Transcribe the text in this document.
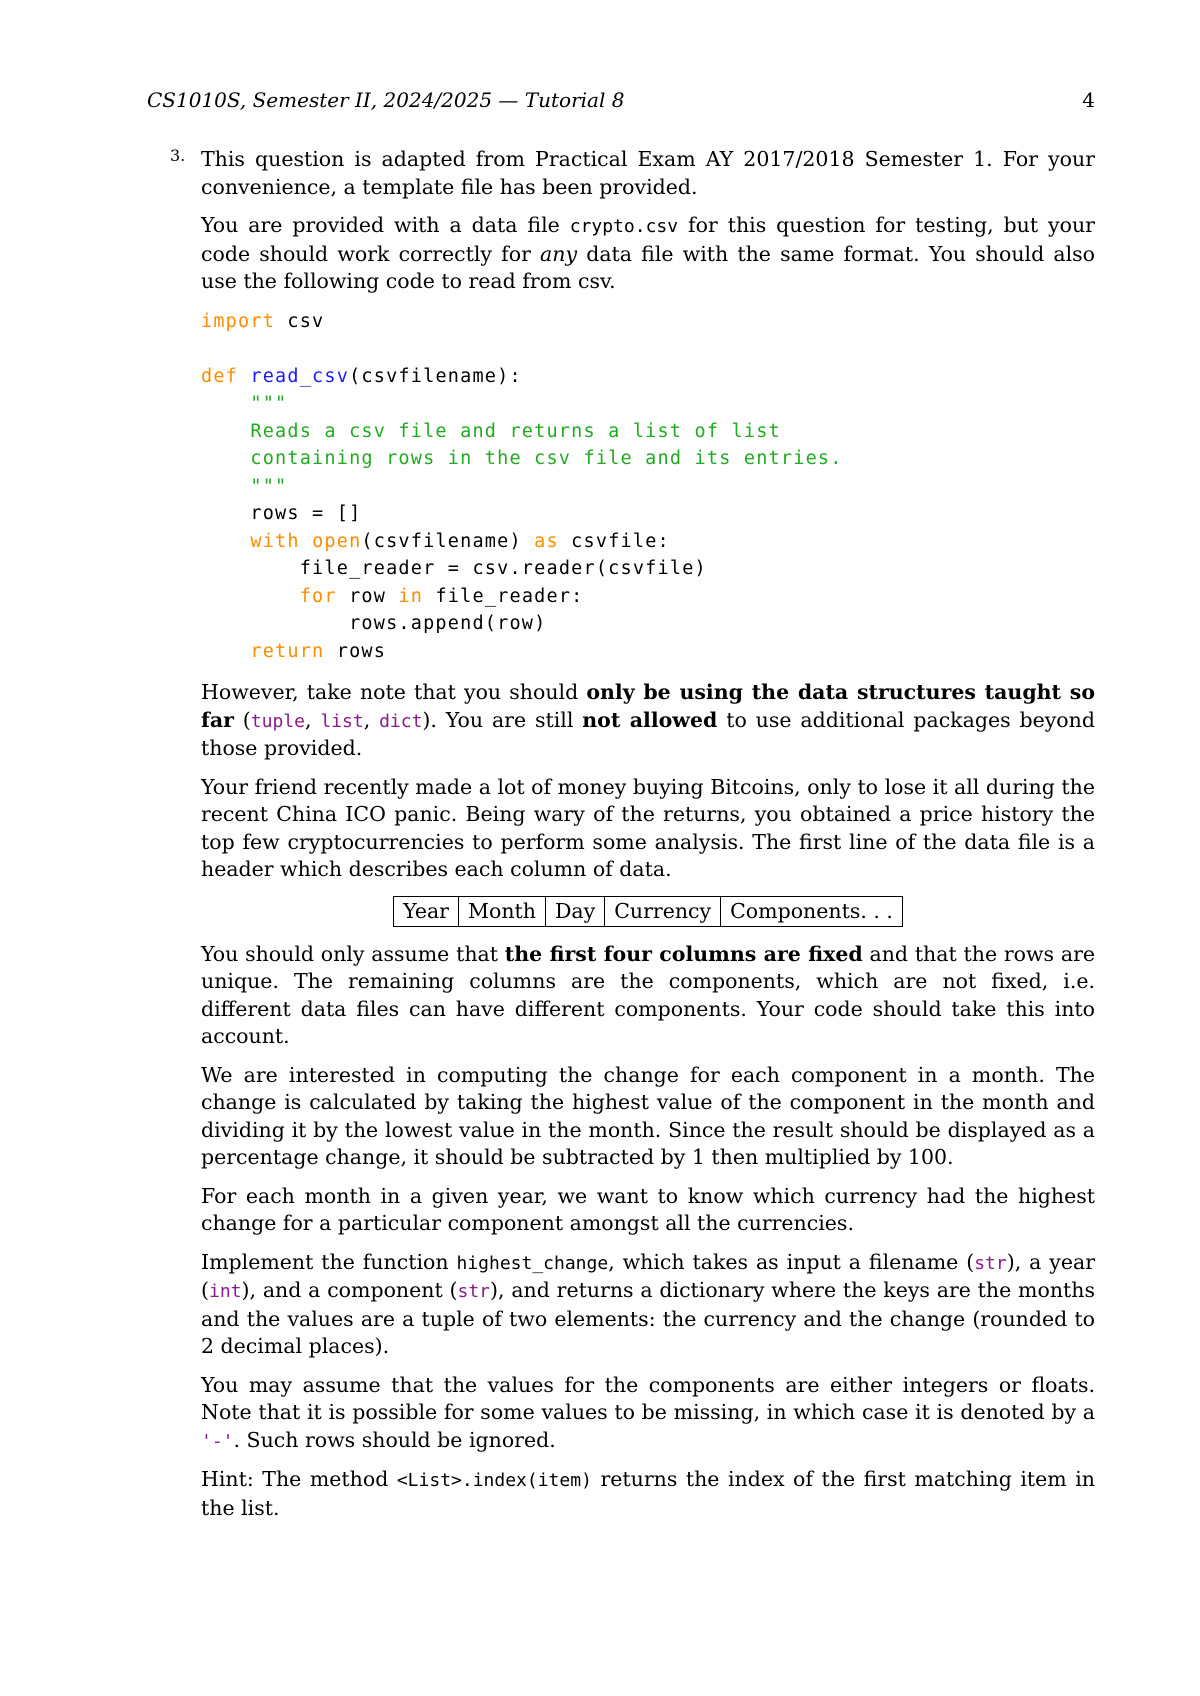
CS1010S, Semester II, 2024/2025 — Tutorial 8	4
3. This question is adapted from Practical Exam AY 2017/2018 Semester 1. For your convenience, a template file has been provided.

You are provided with a data file crypto.csv for this question for testing, but your code should work correctly for any data file with the same format. You should also use the following code to read from csv.

import csv

def read_csv(csvfilename):
"""
Reads a csv file and returns a list of list
containing rows in the csv file and its entries.
"""
rows = []
with open(csvfilename) as csvfile:
file_reader = csv.reader(csvfile)
for row in file_reader:
rows.append(row)
return rows

However, take note that you should only be using the data structures taught so far (tuple, list, dict). You are still not allowed to use additional packages beyond those provided.

Your friend recently made a lot of money buying Bitcoins, only to lose it all during the recent China ICO panic. Being wary of the returns, you obtained a price history the top few cryptocurrencies to perform some analysis. The first line of the data file is a header which describes each column of data.

Year	Month	Day	Currency	Components. . .

You should only assume that the first four columns are fixed and that the rows are unique. The remaining columns are the components, which are not fixed, i.e. different data files can have different components. Your code should take this into account.

We are interested in computing the change for each component in a month. The change is calculated by taking the highest value of the component in the month and dividing it by the lowest value in the month. Since the result should be displayed as a percentage change, it should be subtracted by 1 then multiplied by 100.

For each month in a given year, we want to know which currency had the highest change for a particular component amongst all the currencies.

Implement the function highest_change, which takes as input a filename (str), a year (int), and a component (str), and returns a dictionary where the keys are the months and the values are a tuple of two elements: the currency and the change (rounded to 2 decimal places).

You may assume that the values for the components are either integers or floats. Note that it is possible for some values to be missing, in which case it is denoted by a '-'. Such rows should be ignored.

Hint: The method <List>.index(item) returns the index of the first matching item in the list.
